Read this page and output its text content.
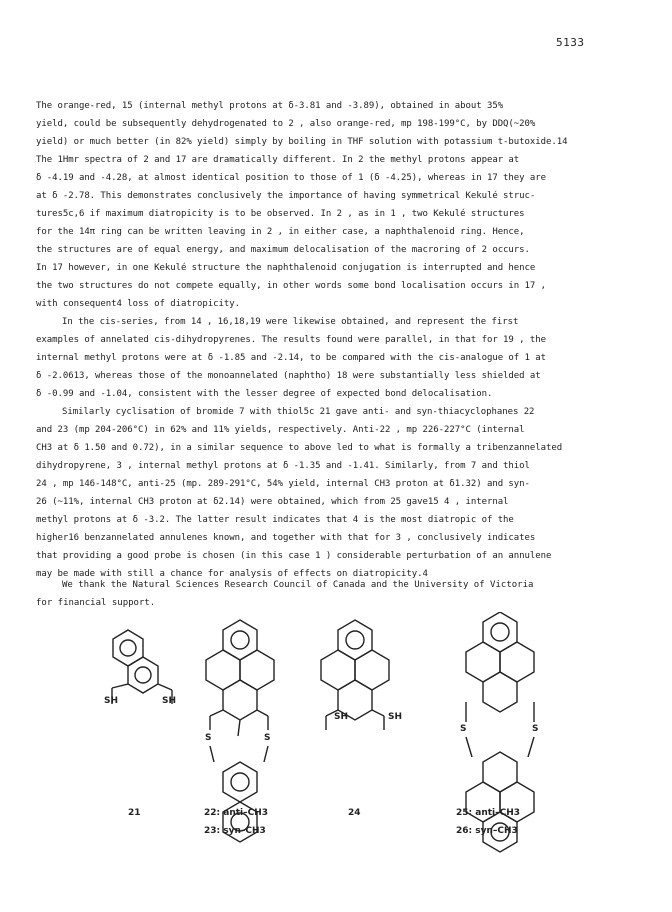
5133
The orange-red, 15 (internal methyl protons at δ-3.81 and -3.89), obtained in about 35%
yield, could be subsequently dehydrogenated to 2 , also orange-red, mp 198-199°C, by DDQ(~20%
yield) or much better (in 82% yield) simply by boiling in THF solution with potassium t-butoxide.14
The 1Hmr spectra of 2 and 17 are dramatically different. In 2 the methyl protons appear at
δ -4.19 and -4.28, at almost identical position to those of 1 (δ -4.25), whereas in 17 they are
at δ -2.78. This demonstrates conclusively the importance of having symmetrical Kekulé struc-
tures5c,6 if maximum diatropicity is to be observed. In 2 , as in 1 , two Kekulé structures
for the 14π ring can be written leaving in 2 , in either case, a naphthalenoid ring. Hence,
the structures are of equal energy, and maximum delocalisation of the macroring of 2 occurs.
In 17 however, in one Kekulé structure the naphthalenoid conjugation is interrupted and hence
the two structures do not compete equally, in other words some bond localisation occurs in 17 ,
with consequent4 loss of diatropicity.
In the cis-series, from 14 , 16,18,19 were likewise obtained, and represent the first
examples of annelated cis-dihydropyrenes. The results found were parallel, in that for 19 , the
internal methyl protons were at δ -1.85 and -2.14, to be compared with the cis-analogue of 1 at
δ -2.0613, whereas those of the monoannelated (naphtho) 18 were substantially less shielded at
δ -0.99 and -1.04, consistent with the lesser degree of expected bond delocalisation.
Similarly cyclisation of bromide 7 with thiol5c 21 gave anti- and syn-thiacyclophanes 22
and 23 (mp 204-206°C) in 62% and 11% yields, respectively. Anti-22 , mp 226-227°C (internal
CH3 at δ 1.50 and 0.72), in a similar sequence to above led to what is formally a tribenzannelated
dihydropyrene, 3 , internal methyl protons at δ -1.35 and -1.41. Similarly, from 7 and thiol
24 , mp 146-148°C, anti-25 (mp. 289-291°C, 54% yield, internal CH3 proton at δ1.32) and syn-
26 (~11%, internal CH3 proton at δ2.14) were obtained, which from 25 gave15 4 , internal
methyl protons at δ -3.2. The latter result indicates that 4 is the most diatropic of the
higher16 benzannelated annulenes known, and together with that for 3 , conclusively indicates
that providing a good probe is chosen (in this case 1 ) considerable perturbation of an annulene
may be made with still a chance for analysis of effects on diatropicity.4
We thank the Natural Sciences Research Council of Canada and the University of Victoria
for financial support.
SH	SH
21
S	S
22: anti–CH3
23: syn–CH3
SH	SH
24
S	S
25: anti–CH3
26: syn–CH3
